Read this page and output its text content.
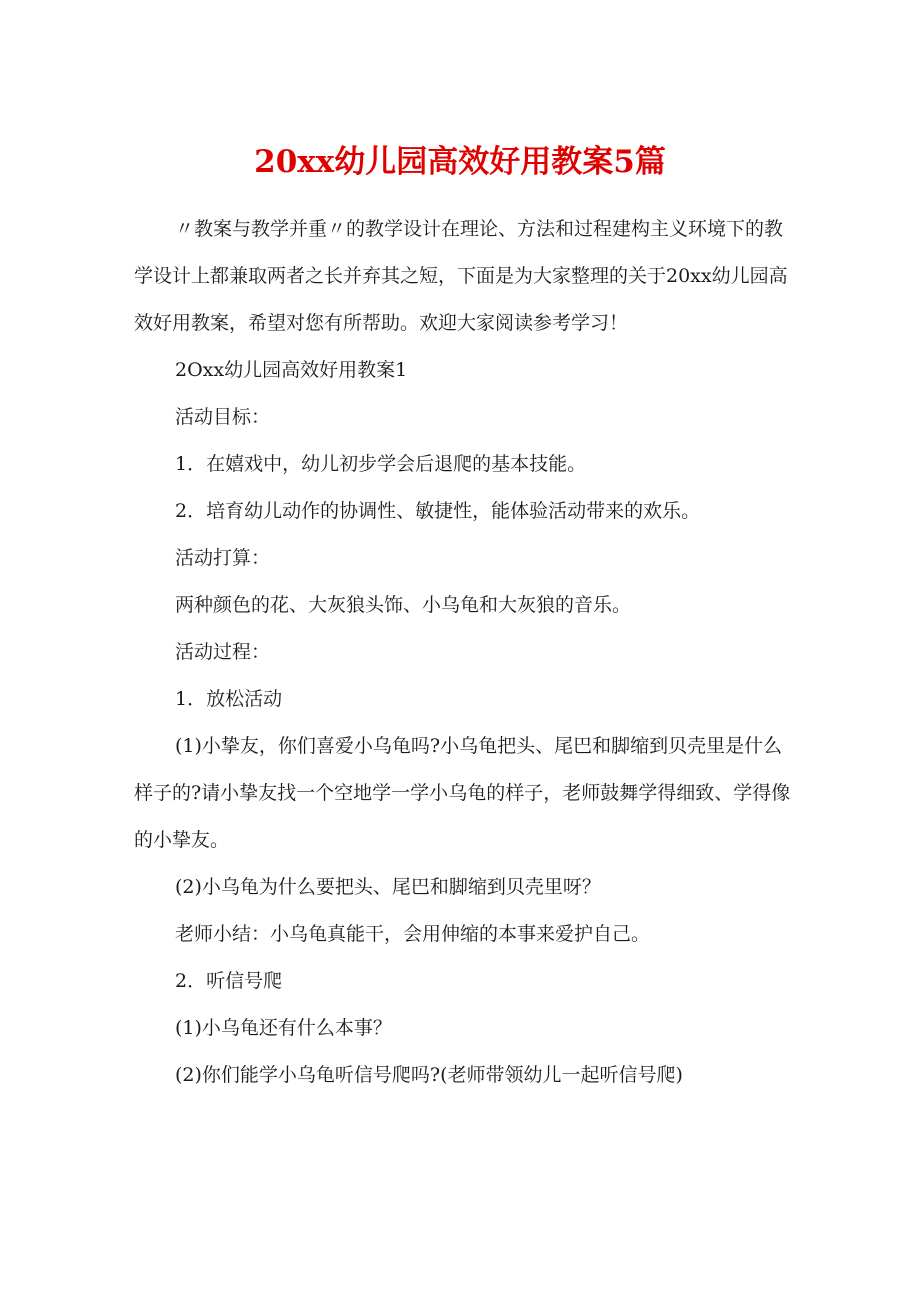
20xx幼儿园高效好用教案5篇

〃教案与教学并重〃的教学设计在理论、方法和过程建构主义环境下的教学设计上都兼取两者之长并弃其之短，下面是为大家整理的关于20xx幼儿园高效好用教案，希望对您有所帮助。欢迎大家阅读参考学习！

2Oxx幼儿园高效好用教案1

活动目标：

1．在嬉戏中，幼儿初步学会后退爬的基本技能。

2．培育幼儿动作的协调性、敏捷性，能体验活动带来的欢乐。

活动打算：

两种颜色的花、大灰狼头饰、小乌龟和大灰狼的音乐。

活动过程：

1．放松活动

(1)小挚友，你们喜爱小乌龟吗?小乌龟把头、尾巴和脚缩到贝壳里是什么样子的?请小挚友找一个空地学一学小乌龟的样子，老师鼓舞学得细致、学得像的小挚友。

(2)小乌龟为什么要把头、尾巴和脚缩到贝壳里呀？

老师小结：小乌龟真能干，会用伸缩的本事来爱护自己。

2．听信号爬

(1)小乌龟还有什么本事？

(2)你们能学小乌龟听信号爬吗?(老师带领幼儿一起听信号爬)
